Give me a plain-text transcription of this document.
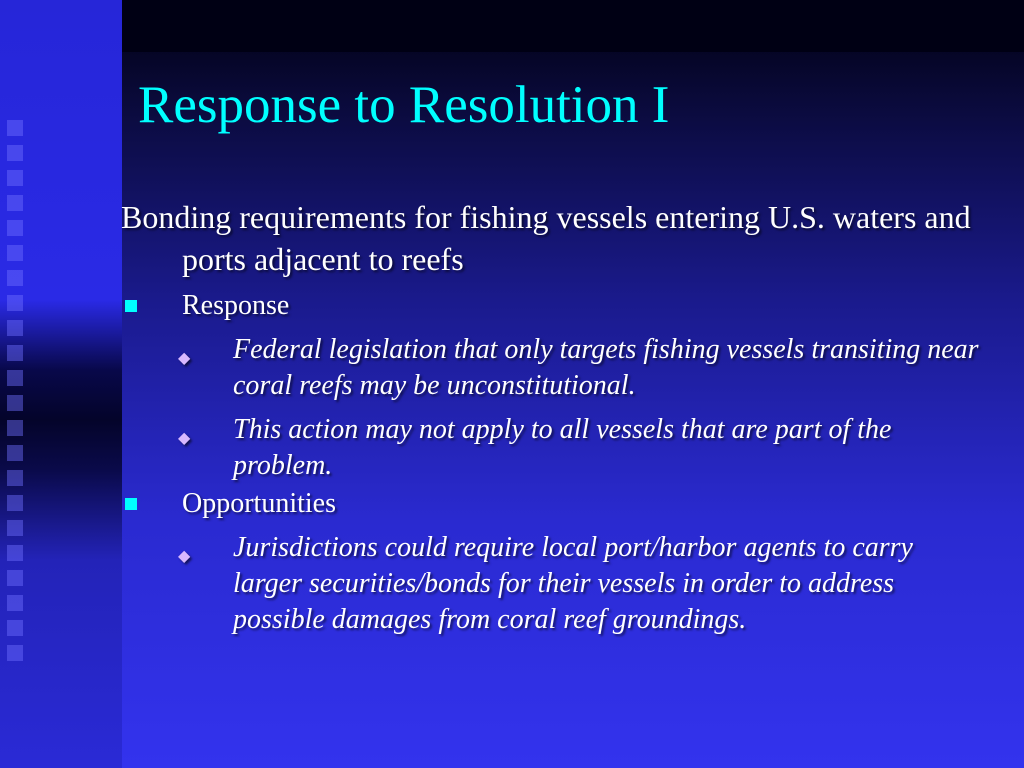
Response to Resolution I

Bonding requirements for fishing vessels entering U.S. waters and ports adjacent to reefs

Response
◆ Federal legislation that only targets fishing vessels transiting near coral reefs may be unconstitutional.
◆ This action may not apply to all vessels that are part of the problem.
Opportunities
◆ Jurisdictions could require local port/harbor agents to carry larger securities/bonds for their vessels in order to address possible damages from coral reef groundings.
